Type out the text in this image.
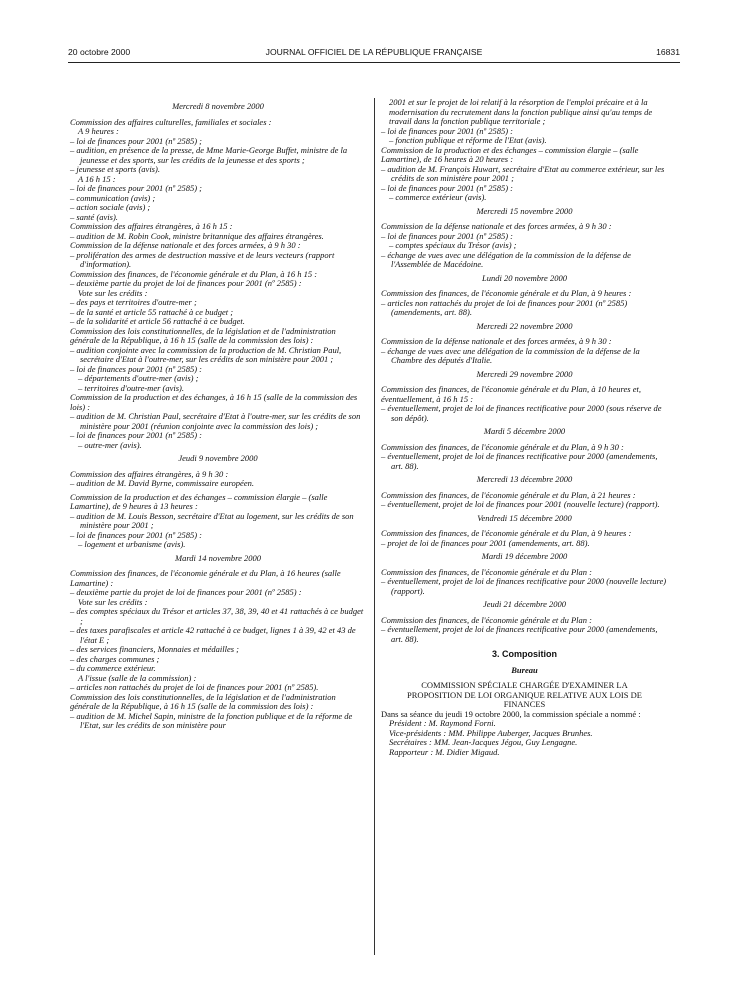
20 octobre 2000	JOURNAL OFFICIEL DE LA RÉPUBLIQUE FRANÇAISE	16831
Mercredi 8 novembre 2000
Commission des affaires culturelles, familiales et sociales :
A 9 heures :
– loi de finances pour 2001 (nº 2585) ;
– audition, en présence de la presse, de Mme Marie-George Buffet, ministre de la jeunesse et des sports, sur les crédits de la jeunesse et des sports ;
– jeunesse et sports (avis).
A 16 h 15 :
– loi de finances pour 2001 (nº 2585) ;
– communication (avis) ;
– action sociale (avis) ;
– santé (avis).
Commission des affaires étrangères, à 16 h 15 :
– audition de M. Robin Cook, ministre britannique des affaires étrangères.
Commission de la défense nationale et des forces armées, à 9 h 30 :
– prolifération des armes de destruction massive et de leurs vecteurs (rapport d'information).
Commission des finances, de l'économie générale et du Plan, à 16 h 15 :
– deuxième partie du projet de loi de finances pour 2001 (nº 2585) :
Vote sur les crédits :
– des pays et territoires d'outre-mer ;
– de la santé et article 55 rattaché à ce budget ;
– de la solidarité et article 56 rattaché à ce budget.
Commission des lois constitutionnelles, de la législation et de l'administration générale de la République, à 16 h 15 (salle de la commission des lois) :
– audition conjointe avec la commission de la production de M. Christian Paul, secrétaire d'Etat à l'outre-mer, sur les crédits de son ministère pour 2001 ;
– loi de finances pour 2001 (nº 2585) :
– départements d'outre-mer (avis) ;
– territoires d'outre-mer (avis).
Commission de la production et des échanges, à 16 h 15 (salle de la commission des lois) :
– audition de M. Christian Paul, secrétaire d'Etat à l'outre-mer, sur les crédits de son ministère pour 2001 (réunion conjointe avec la commission des lois) ;
– loi de finances pour 2001 (nº 2585) :
– outre-mer (avis).
Jeudi 9 novembre 2000
Commission des affaires étrangères, à 9 h 30 :
– audition de M. David Byrne, commissaire européen.
Commission de la production et des échanges – commission élargie – (salle Lamartine), de 9 heures à 13 heures :
– audition de M. Louis Besson, secrétaire d'Etat au logement, sur les crédits de son ministère pour 2001 ;
– loi de finances pour 2001 (nº 2585) :
– logement et urbanisme (avis).
Mardi 14 novembre 2000
Commission des finances, de l'économie générale et du Plan, à 16 heures (salle Lamartine) :
– deuxième partie du projet de loi de finances pour 2001 (nº 2585) :
Vote sur les crédits :
– des comptes spéciaux du Trésor et articles 37, 38, 39, 40 et 41 rattachés à ce budget ;
– des taxes parafiscales et article 42 rattaché à ce budget, lignes 1 à 39, 42 et 43 de l'état E ;
– des services financiers, Monnaies et médailles ;
– des charges communes ;
– du commerce extérieur.
A l'issue (salle de la commission) :
– articles non rattachés du projet de loi de finances pour 2001 (nº 2585).
Commission des lois constitutionnelles, de la législation et de l'administration générale de la République, à 16 h 15 (salle de la commission des lois) :
– audition de M. Michel Sapin, ministre de la fonction publique et de la réforme de l'Etat, sur les crédits de son ministère pour
2001 et sur le projet de loi relatif à la résorption de l'emploi précaire et à la modernisation du recrutement dans la fonction publique ainsi qu'au temps de travail dans la fonction publique territoriale ;
– loi de finances pour 2001 (nº 2585) :
– fonction publique et réforme de l'Etat (avis).
Commission de la production et des échanges – commission élargie – (salle Lamartine), de 16 heures à 20 heures :
– audition de M. François Huwart, secrétaire d'Etat au commerce extérieur, sur les crédits de son ministère pour 2001 ;
– loi de finances pour 2001 (nº 2585) :
– commerce extérieur (avis).
Mercredi 15 novembre 2000
Commission de la défense nationale et des forces armées, à 9 h 30 :
– loi de finances pour 2001 (nº 2585) :
– comptes spéciaux du Trésor (avis) ;
– échange de vues avec une délégation de la commission de la défense de l'Assemblée de Macédoine.
Lundi 20 novembre 2000
Commission des finances, de l'économie générale et du Plan, à 9 heures :
– articles non rattachés du projet de loi de finances pour 2001 (nº 2585) (amendements, art. 88).
Mercredi 22 novembre 2000
Commission de la défense nationale et des forces armées, à 9 h 30 :
– échange de vues avec une délégation de la commission de la défense de la Chambre des députés d'Italie.
Mercredi 29 novembre 2000
Commission des finances, de l'économie générale et du Plan, à 10 heures et, éventuellement, à 16 h 15 :
– éventuellement, projet de loi de finances rectificative pour 2000 (sous réserve de son dépôt).
Mardi 5 décembre 2000
Commission des finances, de l'économie générale et du Plan, à 9 h 30 :
– éventuellement, projet de loi de finances rectificative pour 2000 (amendements, art. 88).
Mercredi 13 décembre 2000
Commission des finances, de l'économie générale et du Plan, à 21 heures :
– éventuellement, projet de loi de finances pour 2001 (nouvelle lecture) (rapport).
Vendredi 15 décembre 2000
Commission des finances, de l'économie générale et du Plan, à 9 heures :
– projet de loi de finances pour 2001 (amendements, art. 88).
Mardi 19 décembre 2000
Commission des finances, de l'économie générale et du Plan :
– éventuellement, projet de loi de finances rectificative pour 2000 (nouvelle lecture) (rapport).
Jeudi 21 décembre 2000
Commission des finances, de l'économie générale et du Plan :
– éventuellement, projet de loi de finances rectificative pour 2000 (amendements, art. 88).
3. Composition
Bureau
COMMISSION SPÉCIALE CHARGÉE D'EXAMINER LA PROPOSITION DE LOI ORGANIQUE RELATIVE AUX LOIS DE FINANCES
Dans sa séance du jeudi 19 octobre 2000, la commission spéciale a nommé :
Président : M. Raymond Forni.
Vice-présidents : MM. Philippe Auberger, Jacques Brunhes.
Secrétaires : MM. Jean-Jacques Jégou, Guy Lengagne.
Rapporteur : M. Didier Migaud.
